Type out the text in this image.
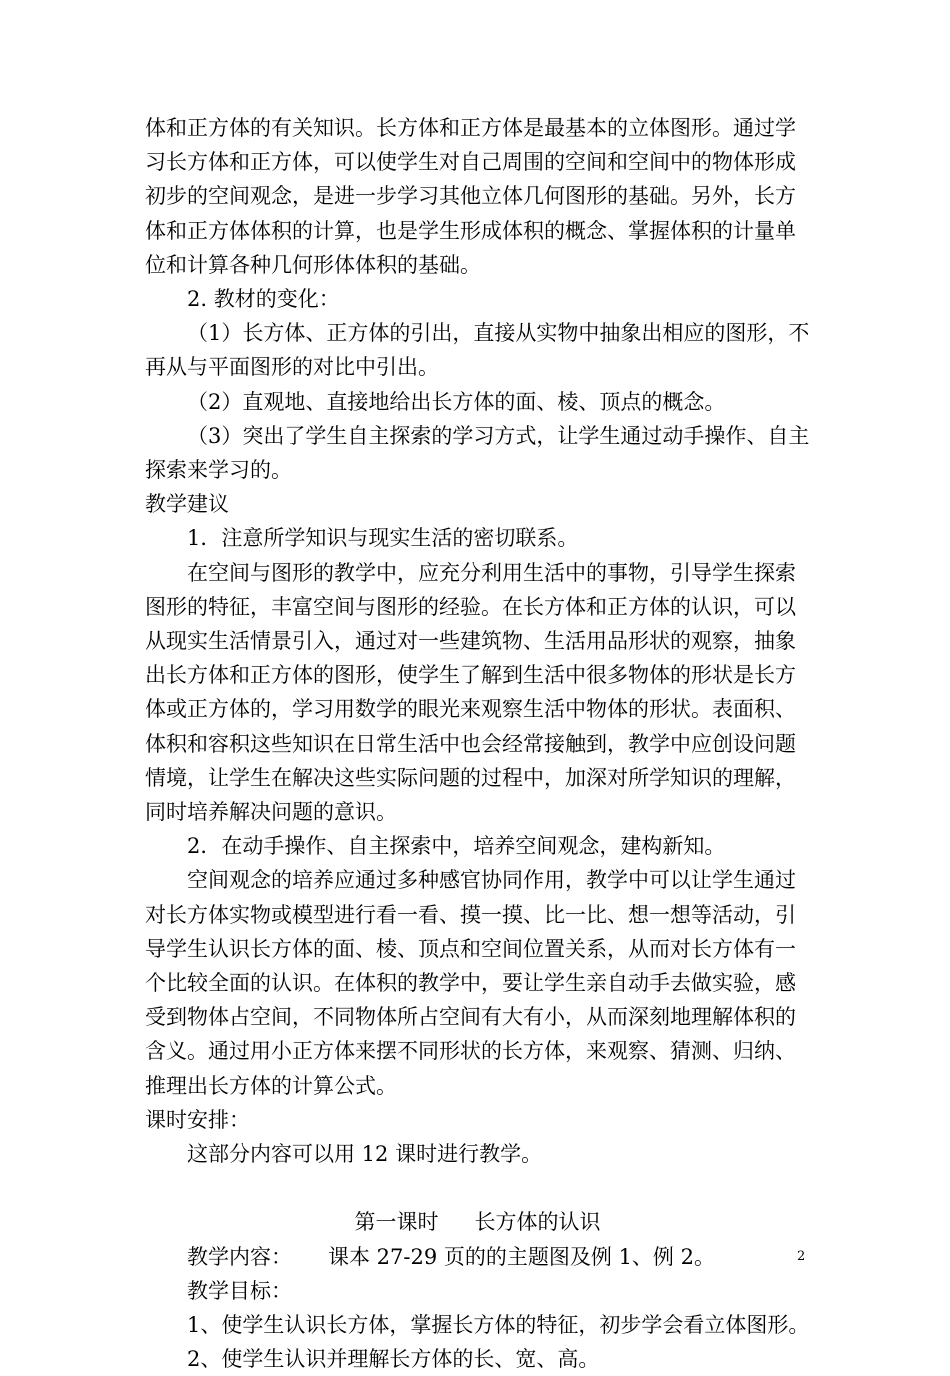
体和正方体的有关知识。长方体和正方体是最基本的立体图形。通过学习长方体和正方体，可以使学生对自己周围的空间和空间中的物体形成初步的空间观念，是进一步学习其他立体几何图形的基础。另外，长方体和正方体体积的计算，也是学生形成体积的概念、掌握体积的计量单位和计算各种几何形体体积的基础。

2. 教材的变化：

（1）长方体、正方体的引出，直接从实物中抽象出相应的图形，不再从与平面图形的对比中引出。

（2）直观地、直接地给出长方体的面、棱、顶点的概念。

（3）突出了学生自主探索的学习方式，让学生通过动手操作、自主探索来学习的。

教学建议

1．注意所学知识与现实生活的密切联系。

在空间与图形的教学中，应充分利用生活中的事物，引导学生探索图形的特征，丰富空间与图形的经验。在长方体和正方体的认识，可以从现实生活情景引入，通过对一些建筑物、生活用品形状的观察，抽象出长方体和正方体的图形，使学生了解到生活中很多物体的形状是长方体或正方体的，学习用数学的眼光来观察生活中物体的形状。表面积、体积和容积这些知识在日常生活中也会经常接触到，教学中应创设问题情境，让学生在解决这些实际问题的过程中，加深对所学知识的理解，同时培养解决问题的意识。

2．在动手操作、自主探索中，培养空间观念，建构新知。

空间观念的培养应通过多种感官协同作用，教学中可以让学生通过对长方体实物或模型进行看一看、摸一摸、比一比、想一想等活动，引导学生认识长方体的面、棱、顶点和空间位置关系，从而对长方体有一个比较全面的认识。在体积的教学中，要让学生亲自动手去做实验，感受到物体占空间，不同物体所占空间有大有小，从而深刻地理解体积的含义。通过用小正方体来摆不同形状的长方体，来观察、猜测、归纳、推理出长方体的计算公式。

课时安排：

这部分内容可以用 12 课时进行教学。

第一课时 长方体的认识

教学内容： 课本 27-29 页的的主题图及例 1、例 2。

教学目标：

1、使学生认识长方体，掌握长方体的特征，初步学会看立体图形。

2、使学生认识并理解长方体的长、宽、高。

2
